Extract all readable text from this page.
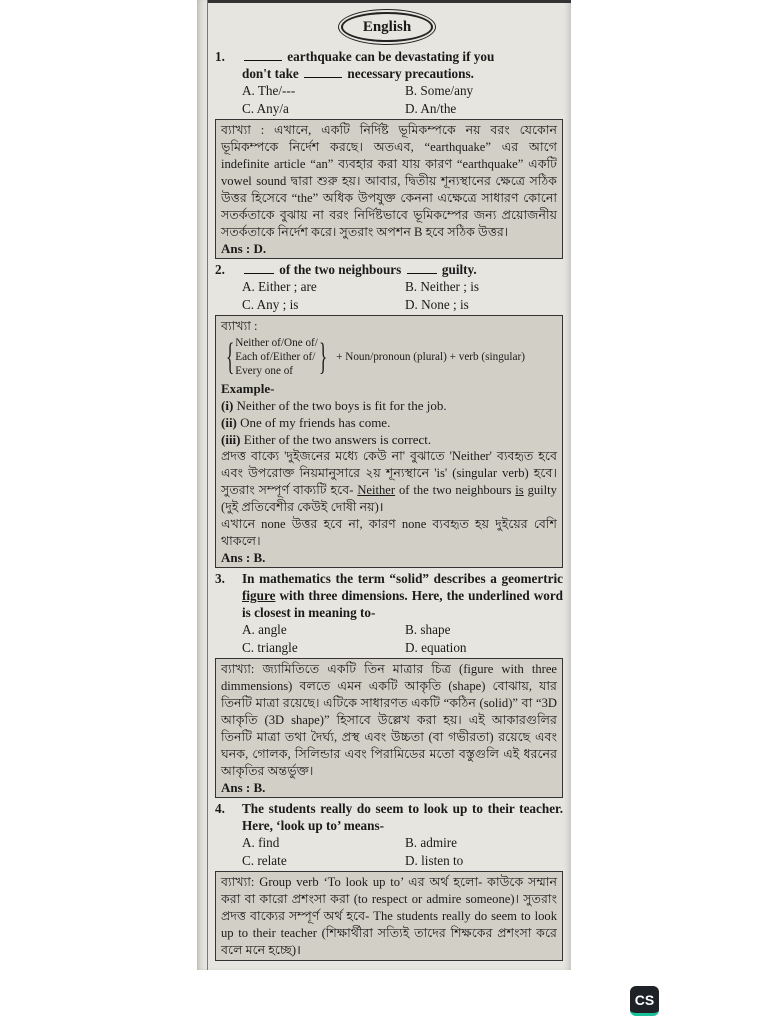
English
1.	earthquake can be devastating if you
don't take	necessary precautions.
A. The/---	B. Some/any
C. Any/a	D. An/the
ব্যাখ্যা : এখানে, একটি নির্দিষ্ট ভূমিকম্পকে নয় বরং যেকোন ভূমিকম্পকে নির্দেশ করছে। অতএব, “earthquake” এর আগে indefinite article “an” ব্যবহার করা যায় কারণ “earthquake” একটি vowel sound দ্বারা শুরু হয়। আবার, দ্বিতীয় শূন্যস্থানের ক্ষেত্রে সঠিক উত্তর হিসেবে “the” অধিক উপযুক্ত কেননা এক্ষেত্রে সাধারণ কোনো সতর্কতাকে বুঝায় না বরং নির্দিষ্টভাবে ভূমিকম্পের জন্য প্রয়োজনীয় সতর্কতাকে নির্দেশ করে। সুতরাং অপশন B হবে সঠিক উত্তর।
Ans : D.
2.	of the two neighbours	guilty.
A. Either ; are	B. Neither ; is
C. Any ; is	D. None ; is
ব্যাখ্যা :
{ Neither of/One of/
Each of/Either of/
Every one of } + Noun/pronoun (plural) + verb (singular)
Example-
(i) Neither of the two boys is fit for the job.
(ii) One of my friends has come.
(iii) Either of the two answers is correct.
প্রদত্ত বাক্যে 'দুইজনের মধ্যে কেউ না' বুঝাতে 'Neither' ব্যবহৃত হবে এবং উপরোক্ত নিয়মানুসারে ২য় শূন্যস্থানে 'is' (singular verb) হবে। সুতরাং সম্পূর্ণ বাক্যটি হবে- Neither of the two neighbours is guilty (দুই প্রতিবেশীর কেউই দোষী নয়)।
এখানে none উত্তর হবে না, কারণ none ব্যবহৃত হয় দুইয়ের বেশি থাকলে।
Ans : B.
3.	In mathematics the term “solid” describes a geomertric figure with three dimensions. Here, the underlined word is closest in meaning to-
A. angle	B. shape
C. triangle	D. equation
ব্যাখ্যা: জ্যামিতিতে একটি তিন মাত্রার চিত্র (figure with three dimmensions) বলতে এমন একটি আকৃতি (shape) বোঝায়, যার তিনটি মাত্রা রয়েছে। এটিকে সাধারণত একটি “কঠিন (solid)” বা “3D আকৃতি (3D shape)” হিসাবে উল্লেখ করা হয়। এই আকারগুলির তিনটি মাত্রা তথা দৈর্ঘ্য, প্রস্থ এবং উচ্চতা (বা গভীরতা) রয়েছে এবং ঘনক, গোলক, সিলিন্ডার এবং পিরামিডের মতো বস্তুগুলি এই ধরনের আকৃতির অন্তর্ভুক্ত।
Ans : B.
4.	The students really do seem to look up to their teacher. Here, ‘look up to’ means-
A. find	B. admire
C. relate	D. listen to
ব্যাখ্যা: Group verb ‘To look up to’ এর অর্থ হলো- কাউকে সম্মান করা বা কারো প্রশংসা করা (to respect or admire someone)। সুতরাং প্রদত্ত বাক্যের সম্পূর্ণ অর্থ হবে- The students really do seem to look up to their teacher (শিক্ষার্থীরা সত্যিই তাদের শিক্ষকের প্রশংসা করে বলে মনে হচ্ছে)।
CS
